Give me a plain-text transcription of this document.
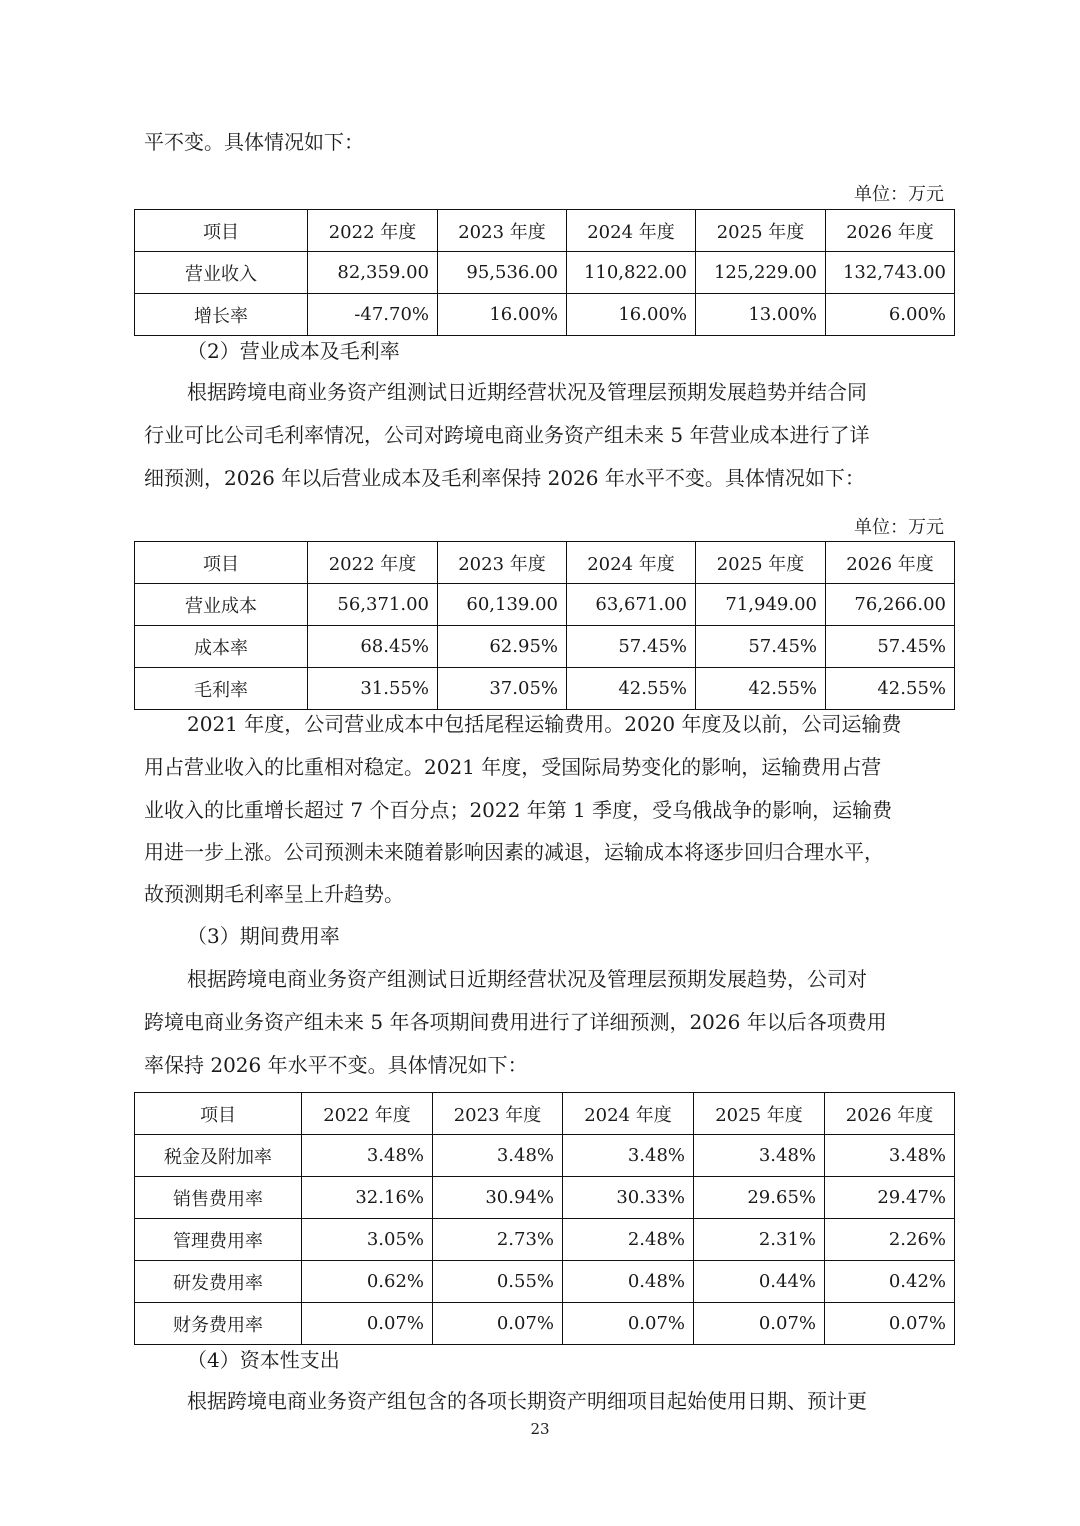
平不变。具体情况如下：
单位：万元
项目	2022 年度	2023 年度	2024 年度	2025 年度	2026 年度
营业收入	82,359.00	95,536.00	110,822.00	125,229.00	132,743.00
增长率	-47.70%	16.00%	16.00%	13.00%	6.00%
（2）营业成本及毛利率
根据跨境电商业务资产组测试日近期经营状况及管理层预期发展趋势并结合同
行业可比公司毛利率情况，公司对跨境电商业务资产组未来 5 年营业成本进行了详
细预测，2026 年以后营业成本及毛利率保持 2026 年水平不变。具体情况如下：
单位：万元
项目	2022 年度	2023 年度	2024 年度	2025 年度	2026 年度
营业成本	56,371.00	60,139.00	63,671.00	71,949.00	76,266.00
成本率	68.45%	62.95%	57.45%	57.45%	57.45%
毛利率	31.55%	37.05%	42.55%	42.55%	42.55%
2021 年度，公司营业成本中包括尾程运输费用。2020 年度及以前，公司运输费
用占营业收入的比重相对稳定。2021 年度，受国际局势变化的影响，运输费用占营
业收入的比重增长超过 7 个百分点；2022 年第 1 季度，受乌俄战争的影响，运输费
用进一步上涨。公司预测未来随着影响因素的减退，运输成本将逐步回归合理水平，
故预测期毛利率呈上升趋势。
（3）期间费用率
根据跨境电商业务资产组测试日近期经营状况及管理层预期发展趋势，公司对
跨境电商业务资产组未来 5 年各项期间费用进行了详细预测，2026 年以后各项费用
率保持 2026 年水平不变。具体情况如下：
项目	2022 年度	2023 年度	2024 年度	2025 年度	2026 年度
税金及附加率	3.48%	3.48%	3.48%	3.48%	3.48%
销售费用率	32.16%	30.94%	30.33%	29.65%	29.47%
管理费用率	3.05%	2.73%	2.48%	2.31%	2.26%
研发费用率	0.62%	0.55%	0.48%	0.44%	0.42%
财务费用率	0.07%	0.07%	0.07%	0.07%	0.07%
（4）资本性支出
根据跨境电商业务资产组包含的各项长期资产明细项目起始使用日期、预计更
23
